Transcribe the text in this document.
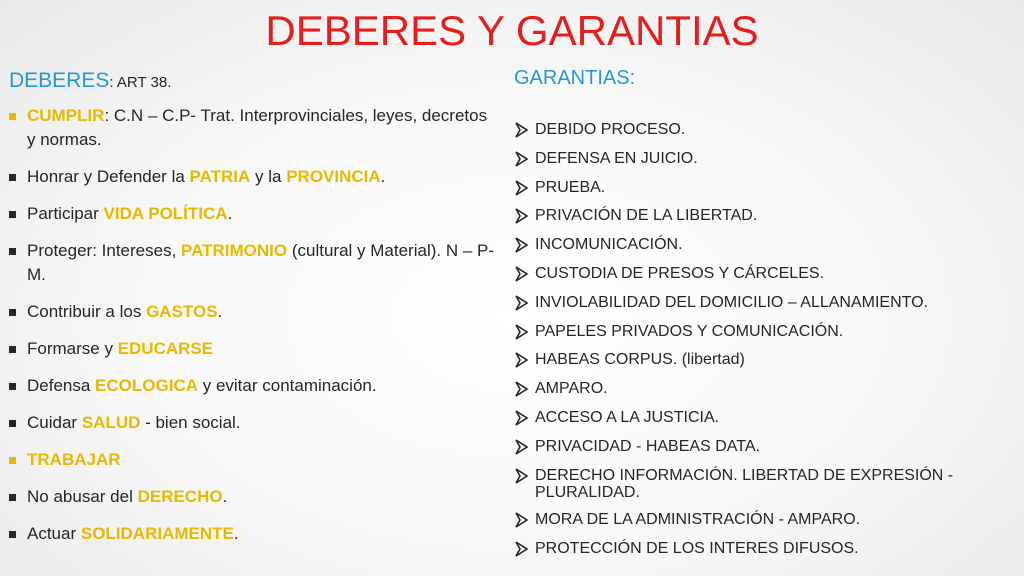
DEBERES Y GARANTIAS
DEBERES: ART 38.
CUMPLIR: C.N – C.P- Trat. Interprovinciales, leyes, decretos y normas.
Honrar y Defender la PATRIA y la PROVINCIA.
Participar VIDA POLÍTICA.
Proteger: Intereses, PATRIMONIO (cultural y Material). N – P- M.
Contribuir a los GASTOS.
Formarse y EDUCARSE
Defensa ECOLOGICA y evitar contaminación.
Cuidar SALUD - bien social.
TRABAJAR
No abusar del DERECHO.
Actuar SOLIDARIAMENTE.
GARANTIAS:
DEBIDO PROCESO.
DEFENSA EN JUICIO.
PRUEBA.
PRIVACIÓN DE LA LIBERTAD.
INCOMUNICACIÓN.
CUSTODIA DE PRESOS Y CÁRCELES.
INVIOLABILIDAD DEL DOMICILIO – ALLANAMIENTO.
PAPELES PRIVADOS Y COMUNICACIÓN.
HABEAS CORPUS. (libertad)
AMPARO.
ACCESO A LA JUSTICIA.
PRIVACIDAD - HABEAS DATA.
DERECHO INFORMACIÓN. LIBERTAD DE EXPRESIÓN - PLURALIDAD.
MORA DE LA ADMINISTRACIÓN - AMPARO.
PROTECCIÓN DE LOS INTERES DIFUSOS.
